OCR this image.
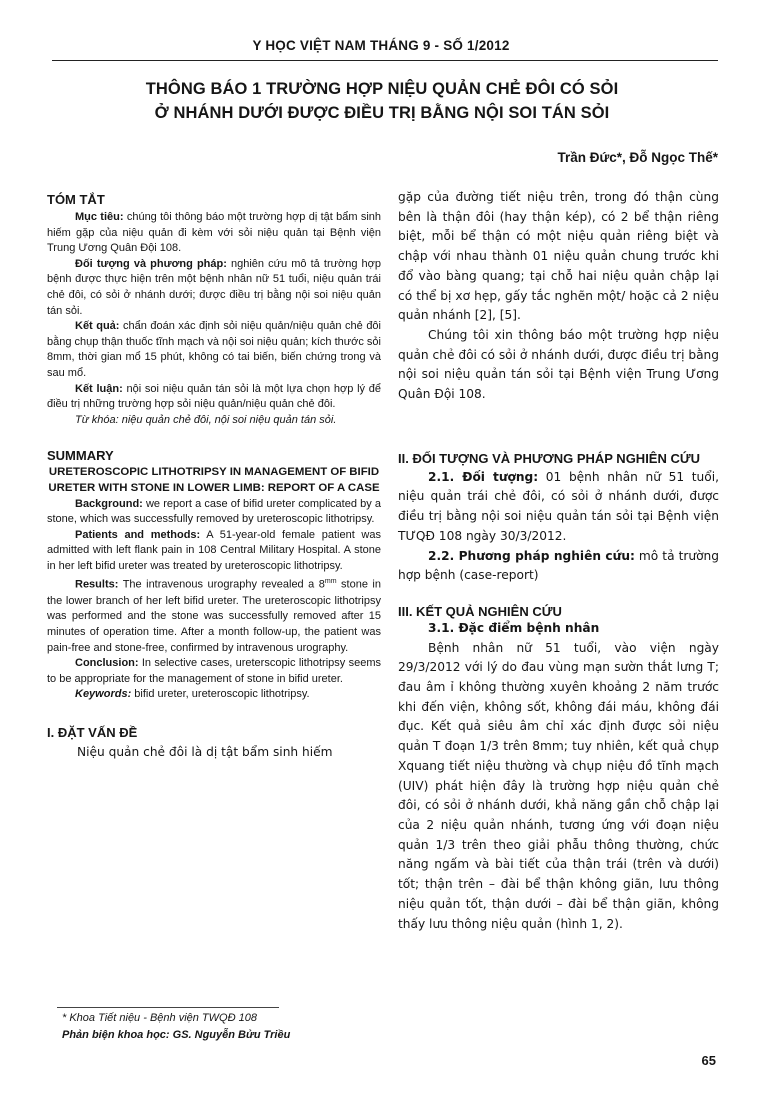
Y HỌC VIỆT NAM THÁNG 9 - SỐ 1/2012
THÔNG BÁO 1 TRƯỜNG HỢP NIỆU QUẢN CHẺ ĐÔI CÓ SỎI
Ở NHÁNH DƯỚI ĐƯỢC ĐIỀU TRỊ BẰNG NỘI SOI TÁN SỎI
Trần Đức*, Đỗ Ngọc Thế*
TÓM TẮT

Mục tiêu: chúng tôi thông báo một trường hợp dị tật bẩm sinh hiếm gặp của niệu quản đi kèm với sỏi niệu quản tại Bệnh viện Trung Ương Quân Đội 108.

Đối tượng và phương pháp: nghiên cứu mô tả trường hợp bệnh được thực hiện trên một bệnh nhân nữ 51 tuổi, niệu quản trái chẻ đôi, có sỏi ở nhánh dưới; được điều trị bằng nội soi niệu quản tán sỏi.

Kết quả: chẩn đoán xác định sỏi niệu quản/niệu quản chẻ đôi bằng chụp thận thuốc tĩnh mạch và nội soi niệu quản; kích thước sỏi 8mm, thời gian mổ 15 phút, không có tai biến, biến chứng trong và sau mổ.

Kết luận: nội soi niệu quản tán sỏi là một lựa chọn hợp lý để điều trị những trường hợp sỏi niệu quản/niệu quản chẻ đôi.

Từ khóa: niệu quản chẻ đôi, nội soi niệu quản tán sỏi.

SUMMARY
URETEROSCOPIC LITHOTRIPSY IN MANAGEMENT OF BIFID URETER WITH STONE IN LOWER LIMB: REPORT OF A CASE

Background: we report a case of bifid ureter complicated by a stone, which was successfully removed by ureteroscopic lithotripsy.

Patients and methods: A 51-year-old female patient was admitted with left flank pain in 108 Central Military Hospital. A stone in her left bifid ureter was treated by ureteroscopic lithotripsy.

Results: The intravenous urography revealed a $8^{mm}$ stone in the lower branch of her left bifid ureter. The ureteroscopic lithotripsy was performed and the stone was successfully removed after 15 minutes of operation time. After a month follow-up, the patient was pain-free and stone-free, confirmed by intravenous urography.

Conclusion: In selective cases, ureterscopic lithotripsy seems to be appropriate for the management of stone in bifid ureter.

Keywords: bifid ureter, ureteroscopic lithotripsy.

I. ĐẶT VẤN ĐỀ

Niệu quản chẻ đôi là dị tật bẩm sinh hiếm

gặp của đường tiết niệu trên, trong đó thận cùng bên là thận đôi (hay thận kép), có 2 bể thận riêng biệt, mỗi bể thận có một niệu quản riêng biệt và chập với nhau thành 01 niệu quản chung trước khi đổ vào bàng quang; tại chỗ hai niệu quản chập lại có thể bị xơ hẹp, gấy tắc nghẽn một/ hoặc cả 2 niệu quản nhánh [2], [5].

Chúng tôi xin thông báo một trường hợp niệu quản chẻ đôi có sỏi ở nhánh dưới, được điều trị bằng nội soi niệu quản tán sỏi tại Bệnh viện Trung Ương Quân Đội 108.

II. ĐỐI TƯỢNG VÀ PHƯƠNG PHÁP NGHIÊN CỨU

2.1. Đối tượng: 01 bệnh nhân nữ 51 tuổi, niệu quản trái chẻ đôi, có sỏi ở nhánh dưới, được điều trị bằng nội soi niệu quản tán sỏi tại Bệnh viện TƯQĐ 108 ngày 30/3/2012.

2.2. Phương pháp nghiên cứu: mô tả trường hợp bệnh (case-report)

III. KẾT QUẢ NGHIÊN CỨU

3.1. Đặc điểm bệnh nhân

Bệnh nhân nữ 51 tuổi, vào viện ngày 29/3/2012 với lý do đau vùng mạn sườn thắt lưng T; đau âm ỉ không thường xuyên khoảng 2 năm trước khi đến viện, không sốt, không đái máu, không đái đục. Kết quả siêu âm chỉ xác định được sỏi niệu quản T đoạn 1/3 trên 8mm; tuy nhiên, kết quả chụp Xquang tiết niệu thường và chụp niệu đồ tĩnh mạch (UIV) phát hiện đây là trường hợp niệu quản chẻ đôi, có sỏi ở nhánh dưới, khả năng gần chỗ chập lại của 2 niệu quản nhánh, tương ứng với đoạn niệu quản 1/3 trên theo giải phẫu thông thường, chức năng ngấm và bài tiết của thận trái (trên và dưới) tốt; thận trên – đài bể thận không giãn, lưu thông niệu quản tốt, thận dưới – đài bể thận giãn, không thấy lưu thông niệu quản (hình 1, 2).

* Khoa Tiết niệu - Bệnh viện TWQĐ 108
Phản biện khoa học: GS. Nguyễn Bửu Triều
65
